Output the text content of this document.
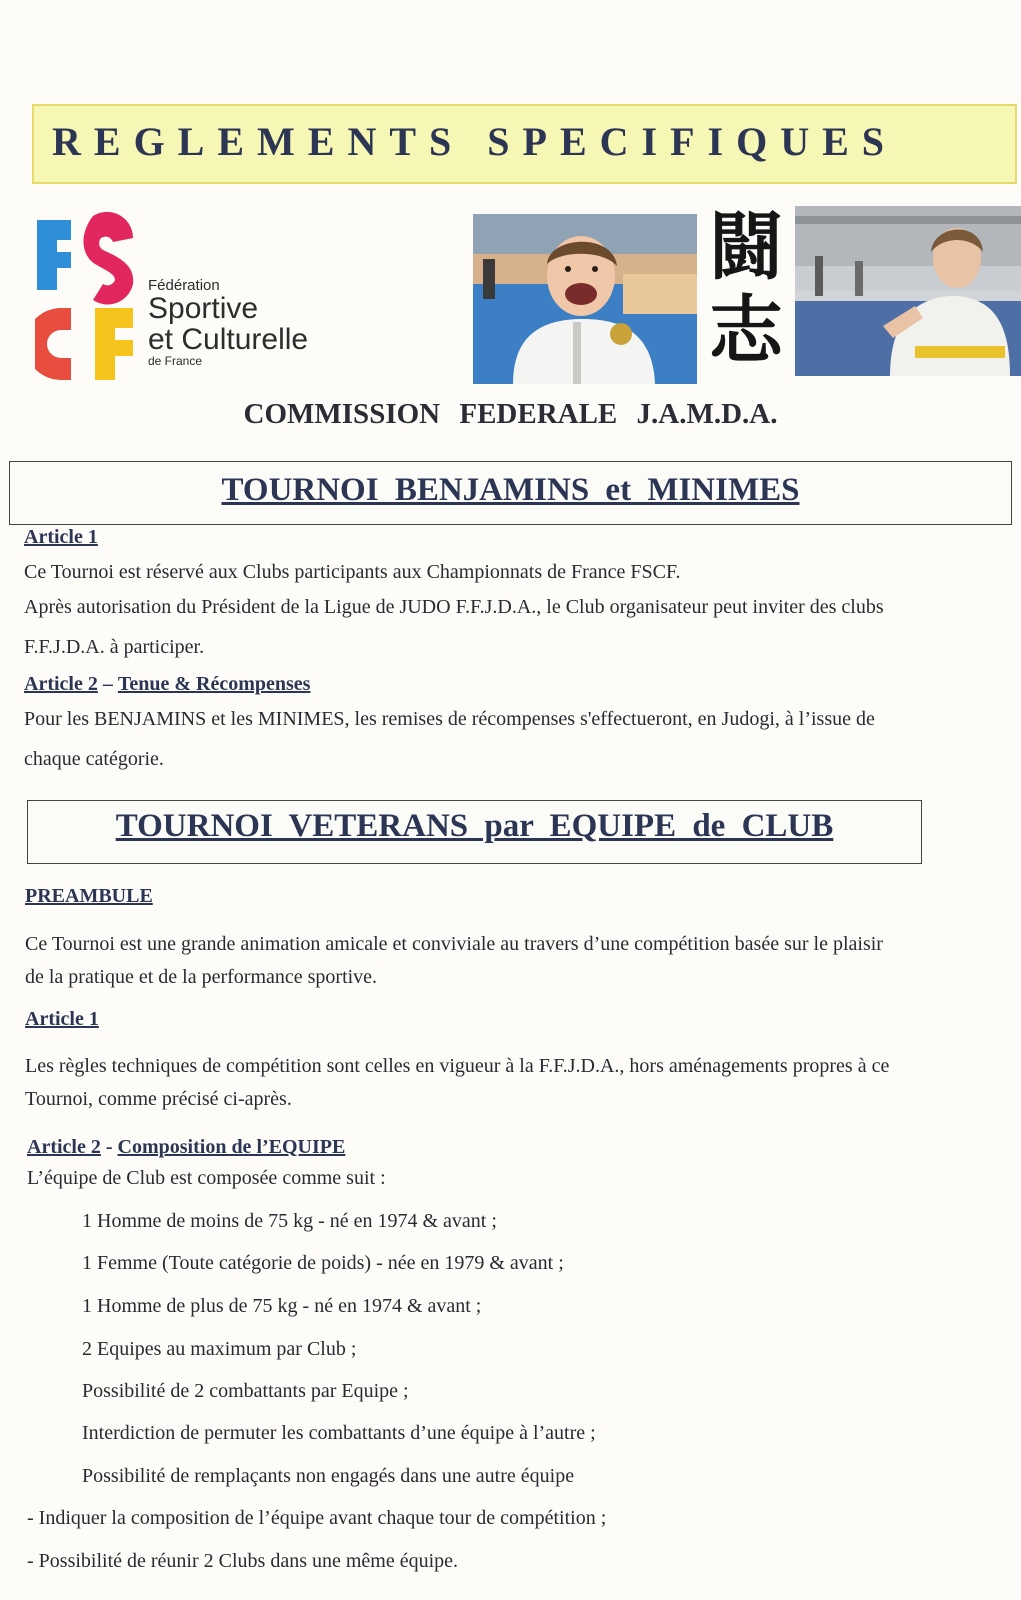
REGLEMENTS SPECIFIQUES
Fédération
Sportive
et Culturelle
de France
闘
志
COMMISSION FEDERALE J.A.M.D.A.
TOURNOI BENJAMINS et MINIMES
Article 1
Ce Tournoi est réservé aux Clubs participants aux Championnats de France FSCF.
Après autorisation du Président de la Ligue de JUDO F.F.J.D.A., le Club organisateur peut inviter des clubs
F.F.J.D.A. à participer.
Article 2 – Tenue & Récompenses
Pour les BENJAMINS et les MINIMES, les remises de récompenses s'effectueront, en Judogi, à l’issue de
chaque catégorie.
TOURNOI VETERANS par EQUIPE de CLUB
PREAMBULE
Ce Tournoi est une grande animation amicale et conviviale au travers d’une compétition basée sur le plaisir
de la pratique et de la performance sportive.
Article 1
Les règles techniques de compétition sont celles en vigueur à la F.F.J.D.A., hors aménagements propres à ce
Tournoi, comme précisé ci-après.
Article 2 - Composition de l’EQUIPE
L’équipe de Club est composée comme suit :
1 Homme de moins de 75 kg - né en 1974 & avant ;
1 Femme (Toute catégorie de poids) - née en 1979 & avant ;
1 Homme de plus de 75 kg - né en 1974 & avant ;
2 Equipes au maximum par Club ;
Possibilité de 2 combattants par Equipe ;
Interdiction de permuter les combattants d’une équipe à l’autre ;
Possibilité de remplaçants non engagés dans une autre équipe
- Indiquer la composition de l’équipe avant chaque tour de compétition ;
- Possibilité de réunir 2 Clubs dans une même équipe.
